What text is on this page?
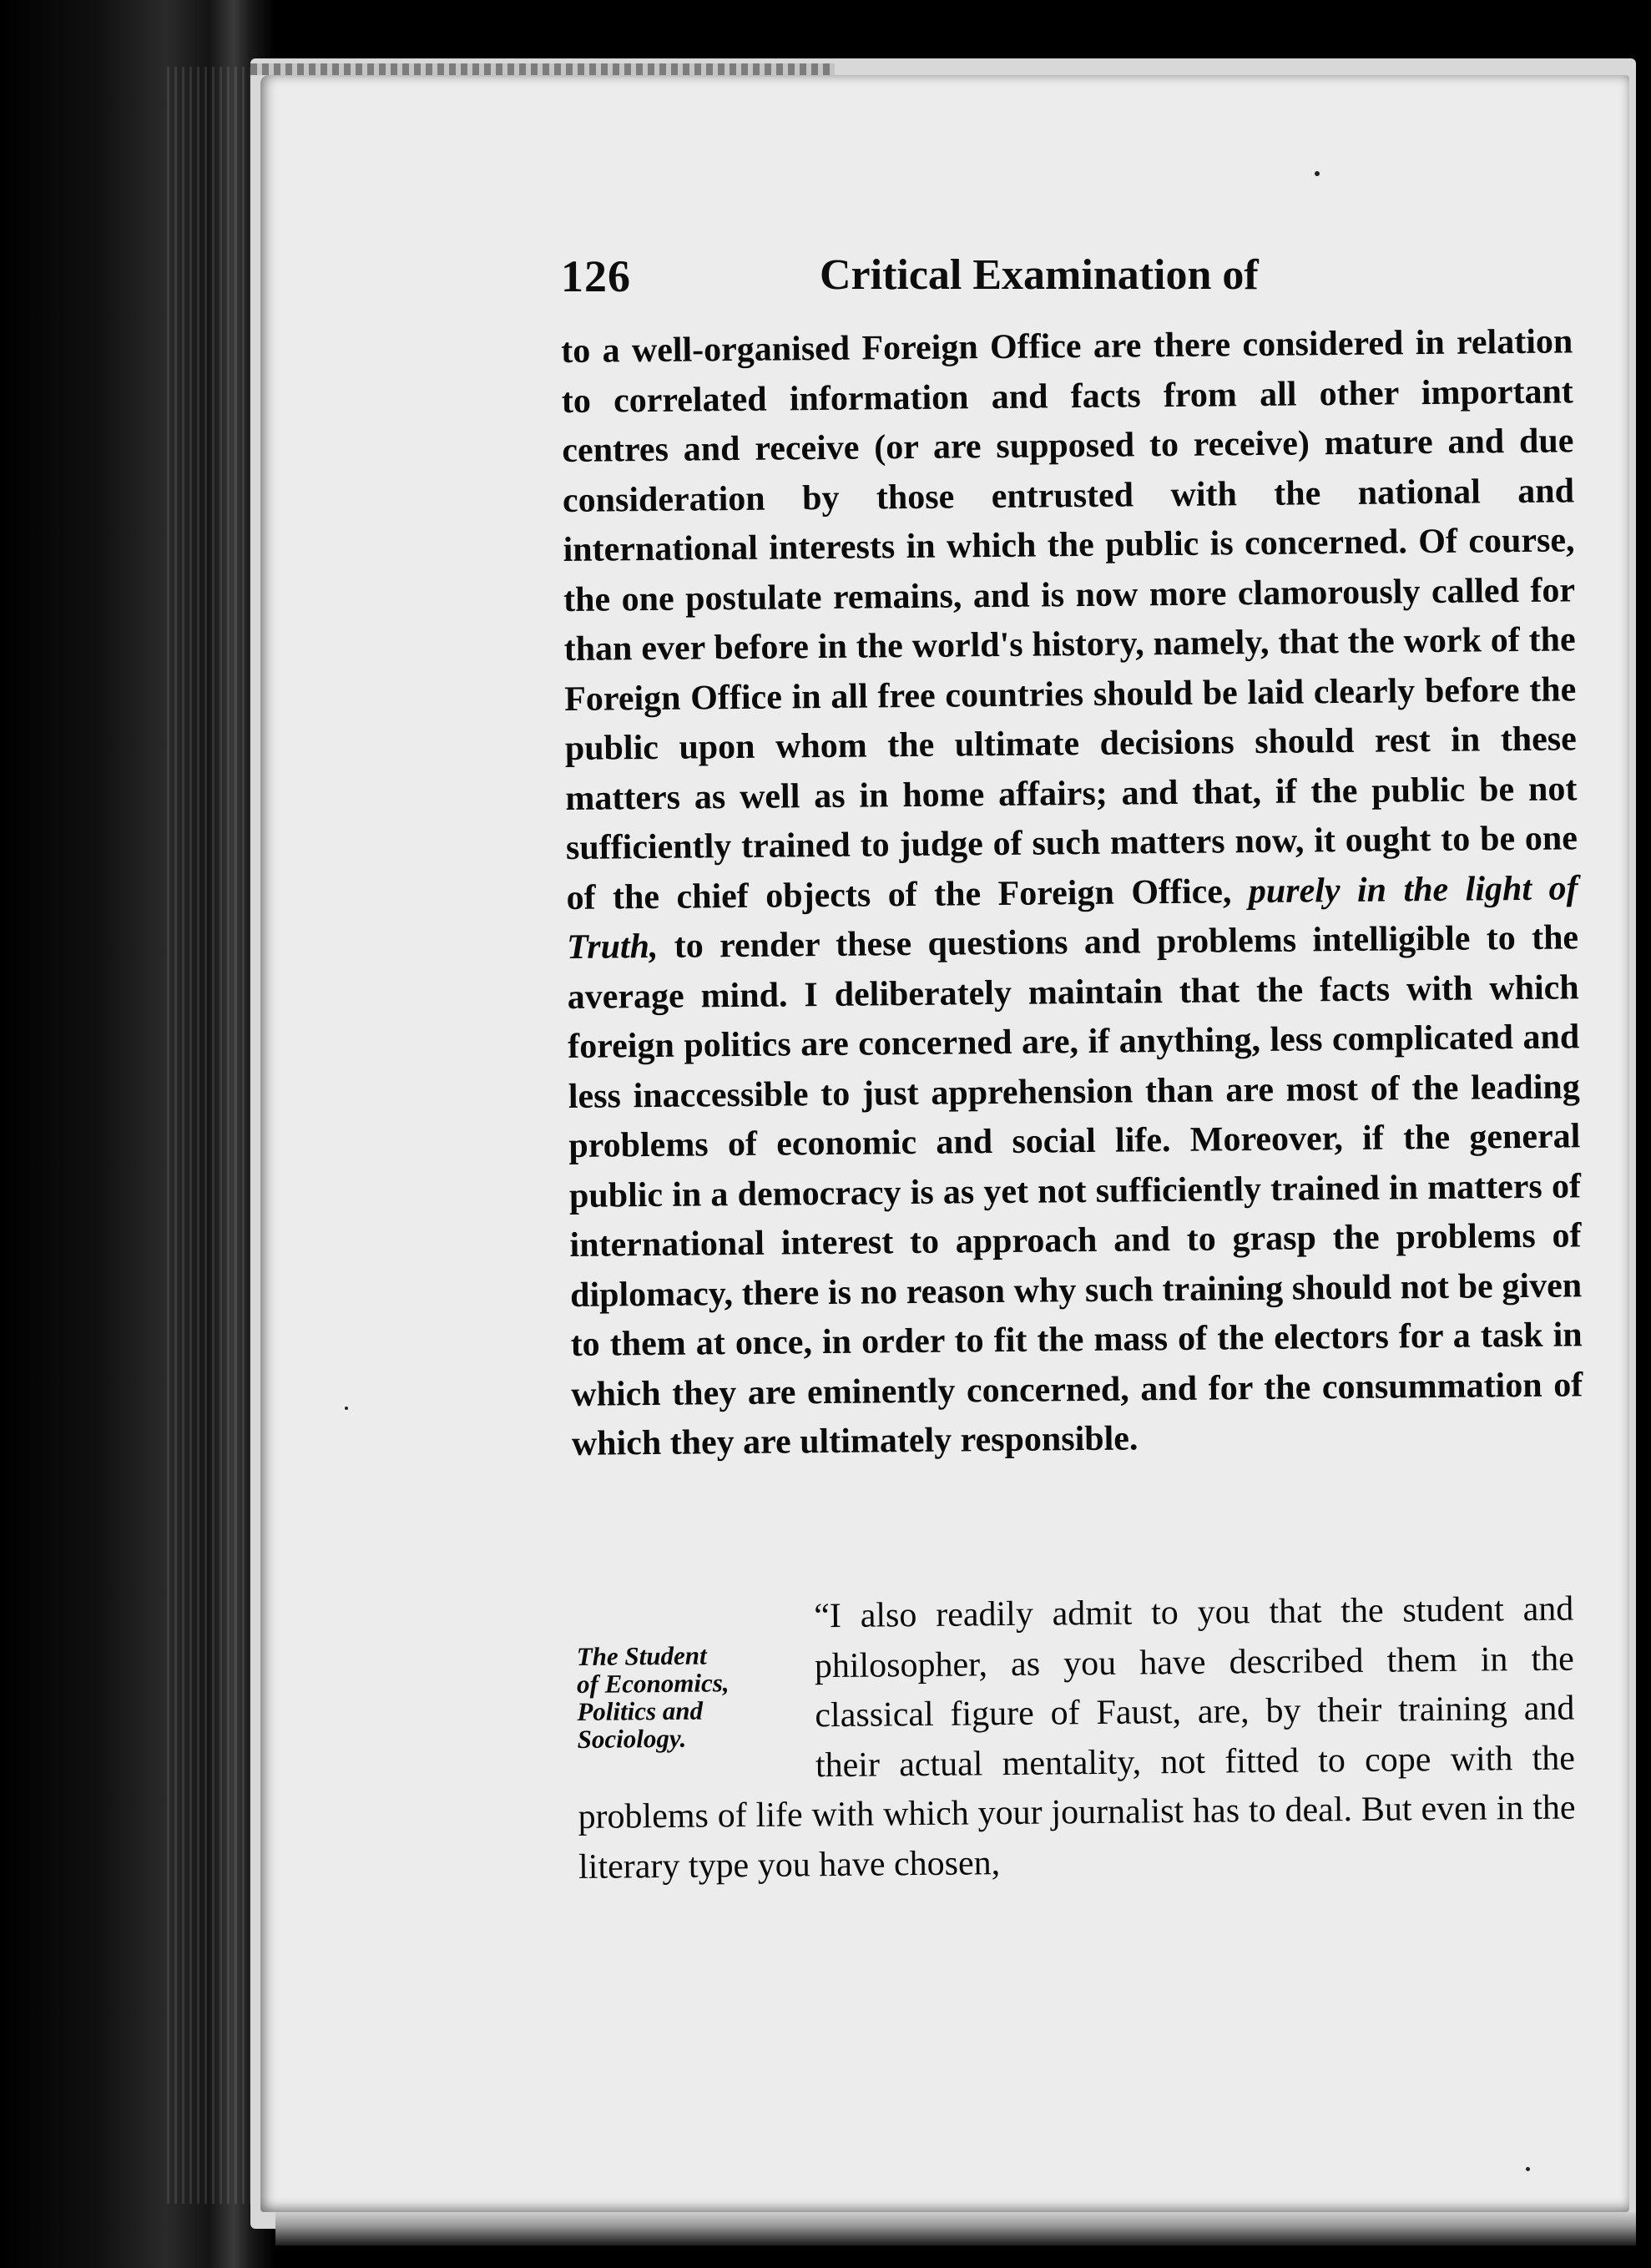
126	Critical Examination of

to a well-organised Foreign Office are there considered in relation to correlated information and facts from all other important centres and receive (or are supposed to receive) mature and due consideration by those entrusted with the national and international interests in which the public is concerned. Of course, the one postulate remains, and is now more clamorously called for than ever before in the world's history, namely, that the work of the Foreign Office in all free countries should be laid clearly before the public upon whom the ultimate decisions should rest in these matters as well as in home affairs; and that, if the public be not sufficiently trained to judge of such matters now, it ought to be one of the chief objects of the Foreign Office, purely in the light of Truth, to render these questions and problems intelligible to the average mind. I deliberately maintain that the facts with which foreign politics are concerned are, if anything, less complicated and less inaccessible to just apprehension than are most of the leading problems of economic and social life. Moreover, if the general public in a democracy is as yet not sufficiently trained in matters of international interest to approach and to grasp the problems of diplomacy, there is no reason why such training should not be given to them at once, in order to fit the mass of the electors for a task in which they are eminently concerned, and for the consummation of which they are ultimately responsible.

The Student
of Economics,
Politics and
Sociology.

“I also readily admit to you that the student and philosopher, as you have described them in the classical figure of Faust, are, by their training and their actual mentality, not fitted to cope with the problems of life with which your journalist has to deal. But even in the literary type you have chosen,
